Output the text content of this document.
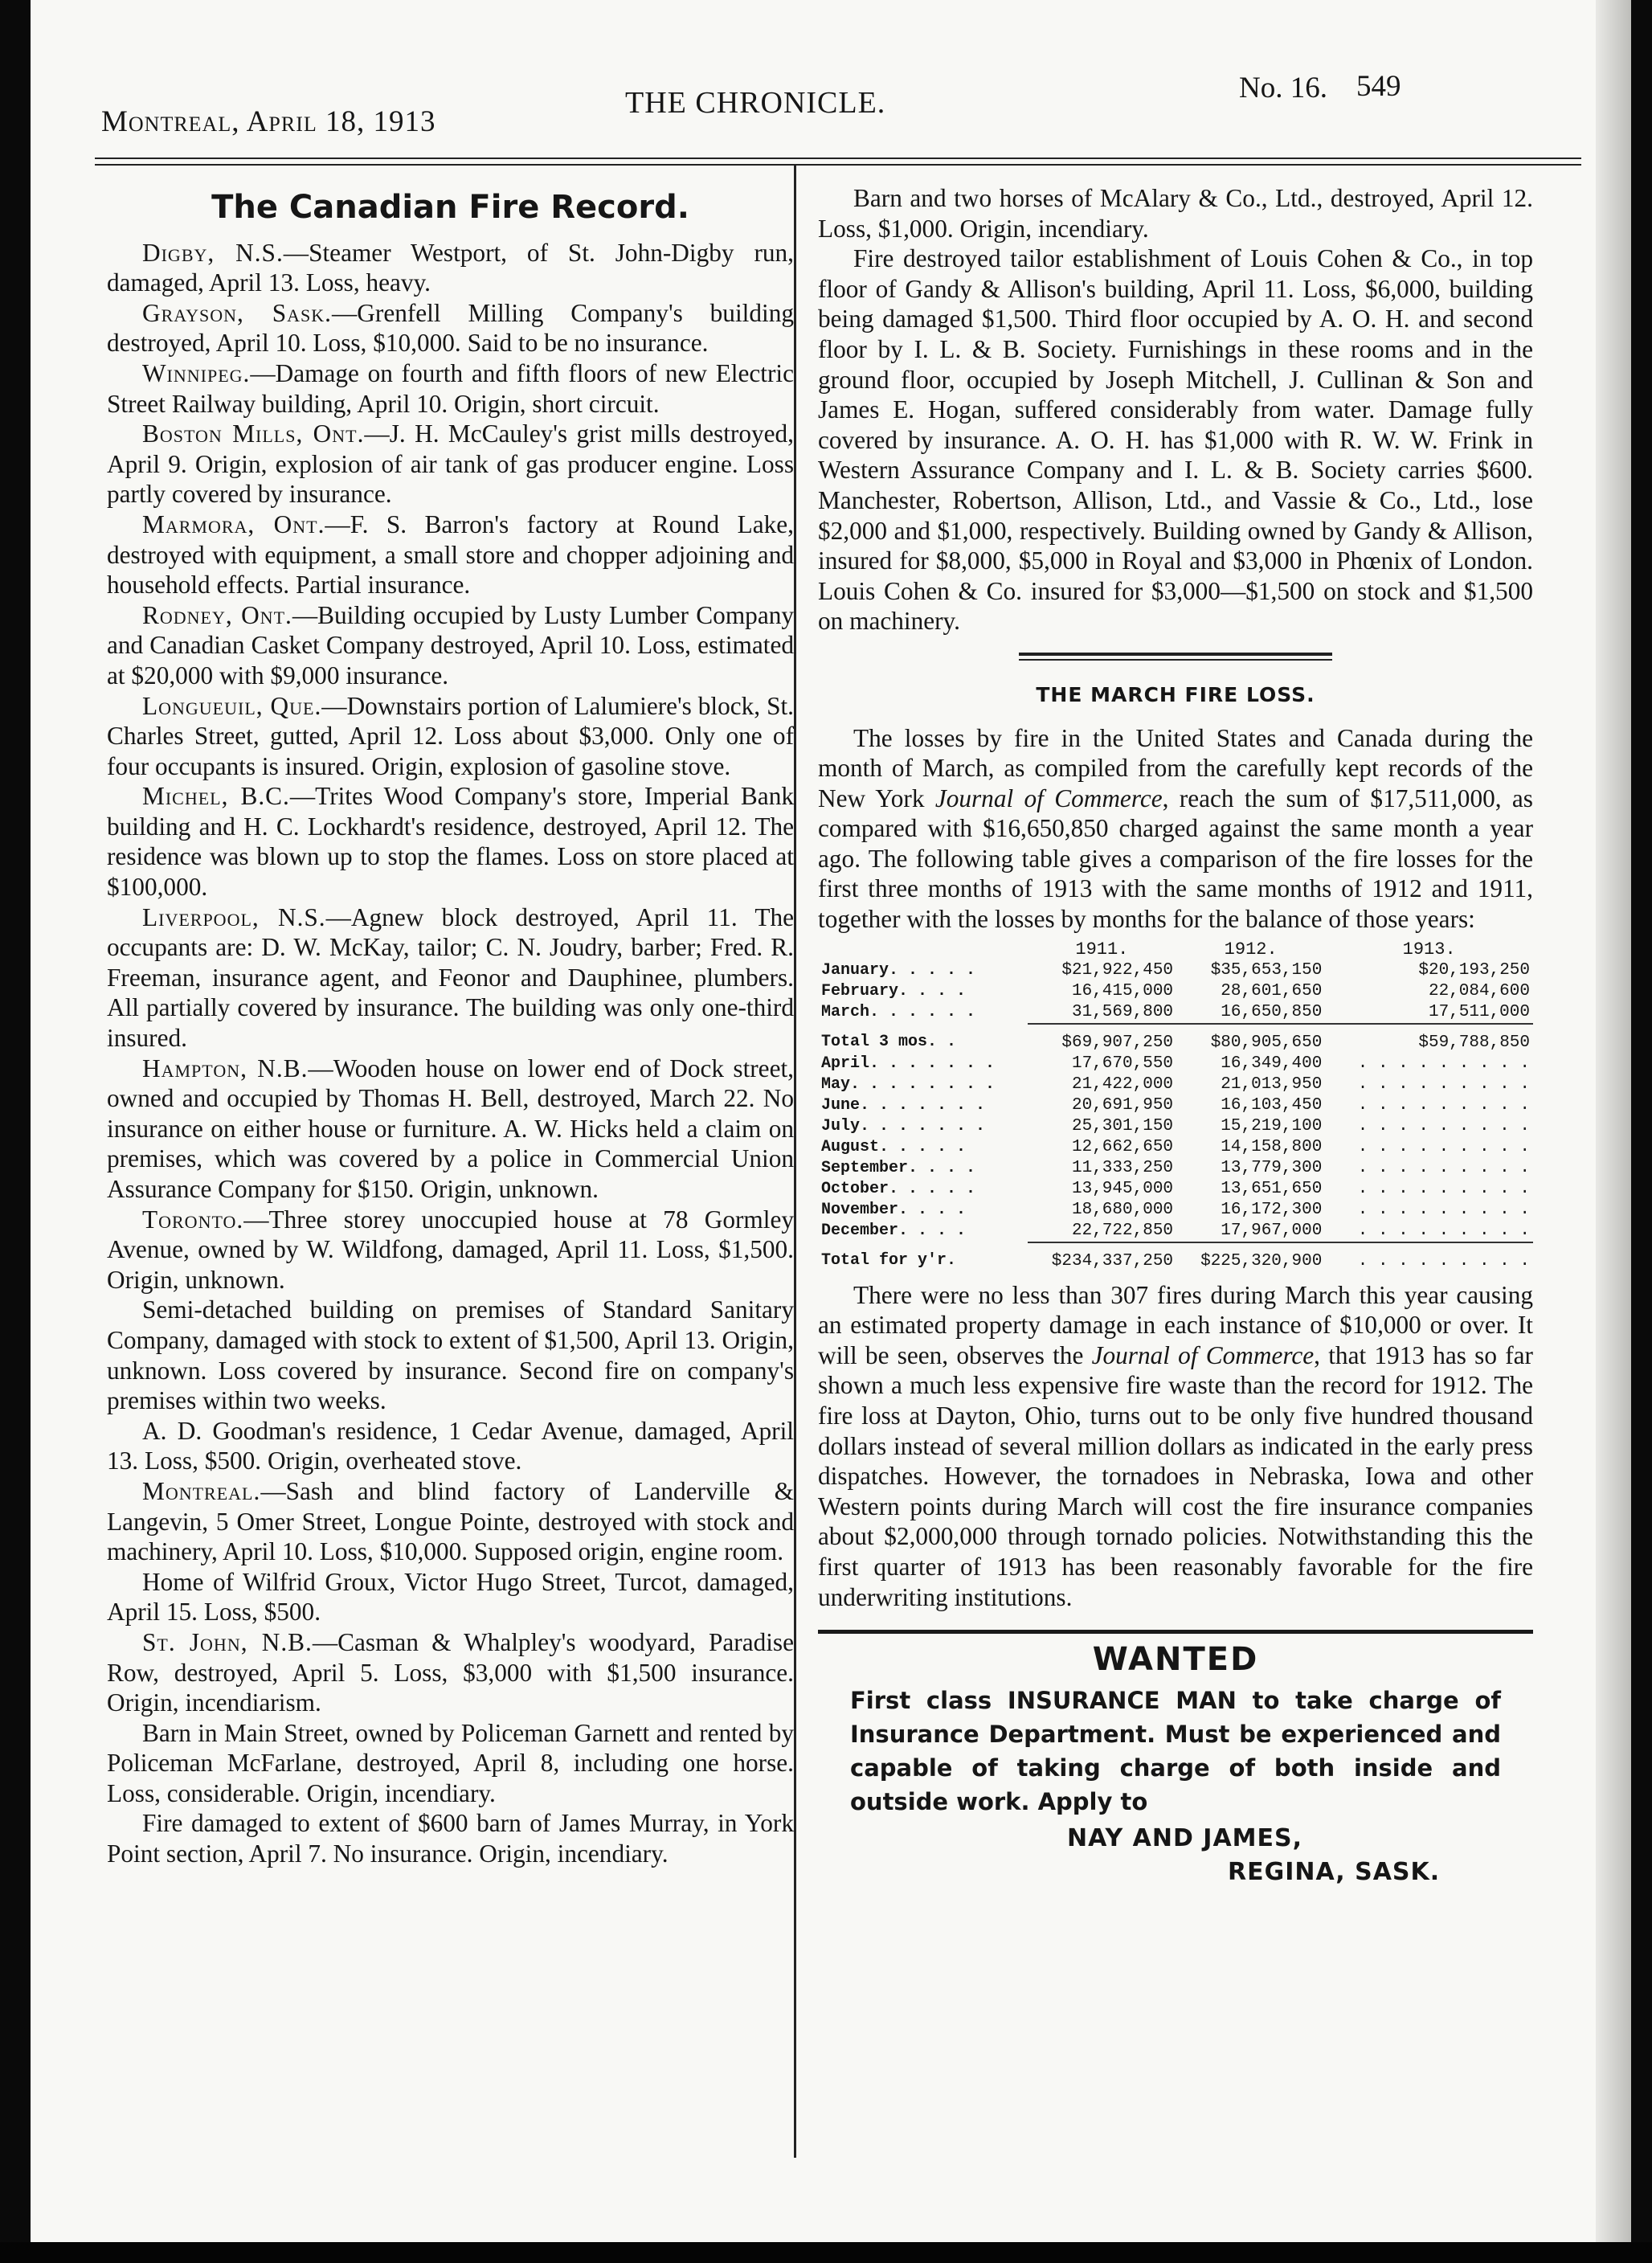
Montreal, April 18, 1913
THE CHRONICLE.	No. 16. 549
The Canadian Fire Record.

Digby, N.S.—Steamer Westport, of St. John-Digby run, damaged, April 13. Loss, heavy.

Grayson, Sask.—Grenfell Milling Company's building destroyed, April 10. Loss, $10,000. Said to be no insurance.

Winnipeg.—Damage on fourth and fifth floors of new Electric Street Railway building, April 10. Origin, short circuit.

Boston Mills, Ont.—J. H. McCauley's grist mills destroyed, April 9. Origin, explosion of air tank of gas producer engine. Loss partly covered by insurance.

Marmora, Ont.—F. S. Barron's factory at Round Lake, destroyed with equipment, a small store and chopper adjoining and household effects. Partial insurance.

Rodney, Ont.—Building occupied by Lusty Lumber Company and Canadian Casket Company destroyed, April 10. Loss, estimated at $20,000 with $9,000 insurance.

Longueuil, Que.—Downstairs portion of Lalumiere's block, St. Charles Street, gutted, April 12. Loss about $3,000. Only one of four occupants is insured. Origin, explosion of gasoline stove.

Michel, B.C.—Trites Wood Company's store, Imperial Bank building and H. C. Lockhardt's residence, destroyed, April 12. The residence was blown up to stop the flames. Loss on store placed at $100,000.

Liverpool, N.S.—Agnew block destroyed, April 11. The occupants are: D. W. McKay, tailor; C. N. Joudry, barber; Fred. R. Freeman, insurance agent, and Feonor and Dauphinee, plumbers. All partially covered by insurance. The building was only one-third insured.

Hampton, N.B.—Wooden house on lower end of Dock street, owned and occupied by Thomas H. Bell, destroyed, March 22. No insurance on either house or furniture. A. W. Hicks held a claim on premises, which was covered by a police in Commercial Union Assurance Company for $150. Origin, unknown.

Toronto.—Three storey unoccupied house at 78 Gormley Avenue, owned by W. Wildfong, damaged, April 11. Loss, $1,500. Origin, unknown.

Semi-detached building on premises of Standard Sanitary Company, damaged with stock to extent of $1,500, April 13. Origin, unknown. Loss covered by insurance. Second fire on company's premises within two weeks.

A. D. Goodman's residence, 1 Cedar Avenue, damaged, April 13. Loss, $500. Origin, overheated stove.

Montreal.—Sash and blind factory of Landerville & Langevin, 5 Omer Street, Longue Pointe, destroyed with stock and machinery, April 10. Loss, $10,000. Supposed origin, engine room.

Home of Wilfrid Groux, Victor Hugo Street, Turcot, damaged, April 15. Loss, $500.

St. John, N.B.—Casman & Whalpley's woodyard, Paradise Row, destroyed, April 5. Loss, $3,000 with $1,500 insurance. Origin, incendiarism.

Barn in Main Street, owned by Policeman Garnett and rented by Policeman McFarlane, destroyed, April 8, including one horse. Loss, considerable. Origin, incendiary.

Fire damaged to extent of $600 barn of James Murray, in York Point section, April 7. No insurance. Origin, incendiary.

Barn and two horses of McAlary & Co., Ltd., destroyed, April 12. Loss, $1,000. Origin, incendiary.

Fire destroyed tailor establishment of Louis Cohen & Co., in top floor of Gandy & Allison's building, April 11. Loss, $6,000, building being damaged $1,500. Third floor occupied by A. O. H. and second floor by I. L. & B. Society. Furnishings in these rooms and in the ground floor, occupied by Joseph Mitchell, J. Cullinan & Son and James E. Hogan, suffered considerably from water. Damage fully covered by insurance. A. O. H. has $1,000 with R. W. W. Frink in Western Assurance Company and I. L. & B. Society carries $600. Manchester, Robertson, Allison, Ltd., and Vassie & Co., Ltd., lose $2,000 and $1,000, respectively. Building owned by Gandy & Allison, insured for $8,000, $5,000 in Royal and $3,000 in Phœnix of London. Louis Cohen & Co. insured for $3,000—$1,500 on stock and $1,500 on machinery.

THE MARCH FIRE LOSS.

The losses by fire in the United States and Canada during the month of March, as compiled from the carefully kept records of the New York Journal of Commerce, reach the sum of $17,511,000, as compared with $16,650,850 charged against the same month a year ago. The following table gives a comparison of the fire losses for the first three months of 1913 with the same months of 1912 and 1911, together with the losses by months for the balance of those years:

	1911.	1912.	1913.
January. . . . .	$21,922,450	$35,653,150	$20,193,250
February. . . .	16,415,000	28,601,650	22,084,600
March. . . . . .	31,569,800	16,650,850	17,511,000
Total 3 mos. .	$69,907,250	$80,905,650	$59,788,850
April. . . . . . .	17,670,550	16,349,400	. . . . . . . . .
May. . . . . . . .	21,422,000	21,013,950	. . . . . . . . .
June. . . . . . .	20,691,950	16,103,450	. . . . . . . . .
July. . . . . . .	25,301,150	15,219,100	. . . . . . . . .
August. . . . .	12,662,650	14,158,800	. . . . . . . . .
September. . . .	11,333,250	13,779,300	. . . . . . . . .
October. . . . .	13,945,000	13,651,650	. . . . . . . . .
November. . . .	18,680,000	16,172,300	. . . . . . . . .
December. . . .	22,722,850	17,967,000	. . . . . . . . .
Total for y'r.	$234,337,250	$225,320,900	. . . . . . . . .

There were no less than 307 fires during March this year causing an estimated property damage in each instance of $10,000 or over. It will be seen, observes the Journal of Commerce, that 1913 has so far shown a much less expensive fire waste than the record for 1912. The fire loss at Dayton, Ohio, turns out to be only five hundred thousand dollars instead of several million dollars as indicated in the early press dispatches. However, the tornadoes in Nebraska, Iowa and other Western points during March will cost the fire insurance companies about $2,000,000 through tornado policies. Notwithstanding this the first quarter of 1913 has been reasonably favorable for the fire underwriting institutions.

WANTED
First class INSURANCE MAN to take charge of Insurance Department. Must be experienced and capable of taking charge of both inside and outside work. Apply to
NAY AND JAMES,
REGINA, SASK.
